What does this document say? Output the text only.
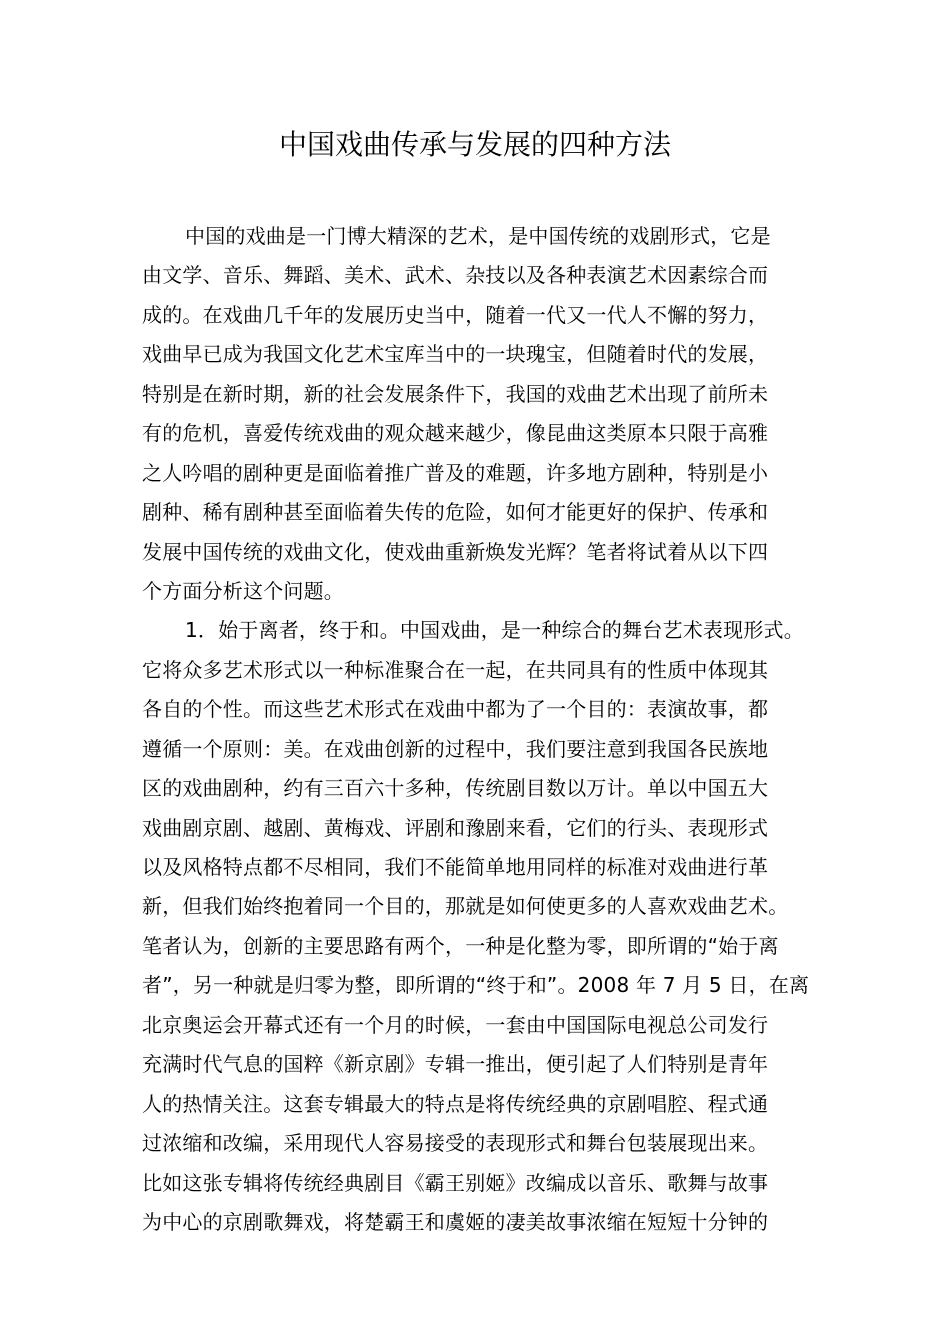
中国戏曲传承与发展的四种方法
中国的戏曲是一门博大精深的艺术，是中国传统的戏剧形式，它是
由文学、音乐、舞蹈、美术、武术、杂技以及各种表演艺术因素综合而
成的。在戏曲几千年的发展历史当中，随着一代又一代人不懈的努力，
戏曲早已成为我国文化艺术宝库当中的一块瑰宝，但随着时代的发展，
特别是在新时期，新的社会发展条件下，我国的戏曲艺术出现了前所未
有的危机，喜爱传统戏曲的观众越来越少，像昆曲这类原本只限于高雅
之人吟唱的剧种更是面临着推广普及的难题，许多地方剧种，特别是小
剧种、稀有剧种甚至面临着失传的危险，如何才能更好的保护、传承和
发展中国传统的戏曲文化，使戏曲重新焕发光辉？笔者将试着从以下四
个方面分析这个问题。
1．始于离者，终于和。中国戏曲，是一种综合的舞台艺术表现形式。
它将众多艺术形式以一种标准聚合在一起，在共同具有的性质中体现其
各自的个性。而这些艺术形式在戏曲中都为了一个目的：表演故事，都
遵循一个原则：美。在戏曲创新的过程中，我们要注意到我国各民族地
区的戏曲剧种，约有三百六十多种，传统剧目数以万计。单以中国五大
戏曲剧京剧、越剧、黄梅戏、评剧和豫剧来看，它们的行头、表现形式
以及风格特点都不尽相同，我们不能简单地用同样的标准对戏曲进行革
新，但我们始终抱着同一个目的，那就是如何使更多的人喜欢戏曲艺术。
笔者认为，创新的主要思路有两个，一种是化整为零，即所谓的“始于离
者”，另一种就是归零为整，即所谓的“终于和”。2008 年 7 月 5 日，在离
北京奥运会开幕式还有一个月的时候，一套由中国国际电视总公司发行
充满时代气息的国粹《新京剧》专辑一推出，便引起了人们特别是青年
人的热情关注。这套专辑最大的特点是将传统经典的京剧唱腔、程式通
过浓缩和改编，采用现代人容易接受的表现形式和舞台包装展现出来。
比如这张专辑将传统经典剧目《霸王别姬》改编成以音乐、歌舞与故事
为中心的京剧歌舞戏，将楚霸王和虞姬的凄美故事浓缩在短短十分钟的
